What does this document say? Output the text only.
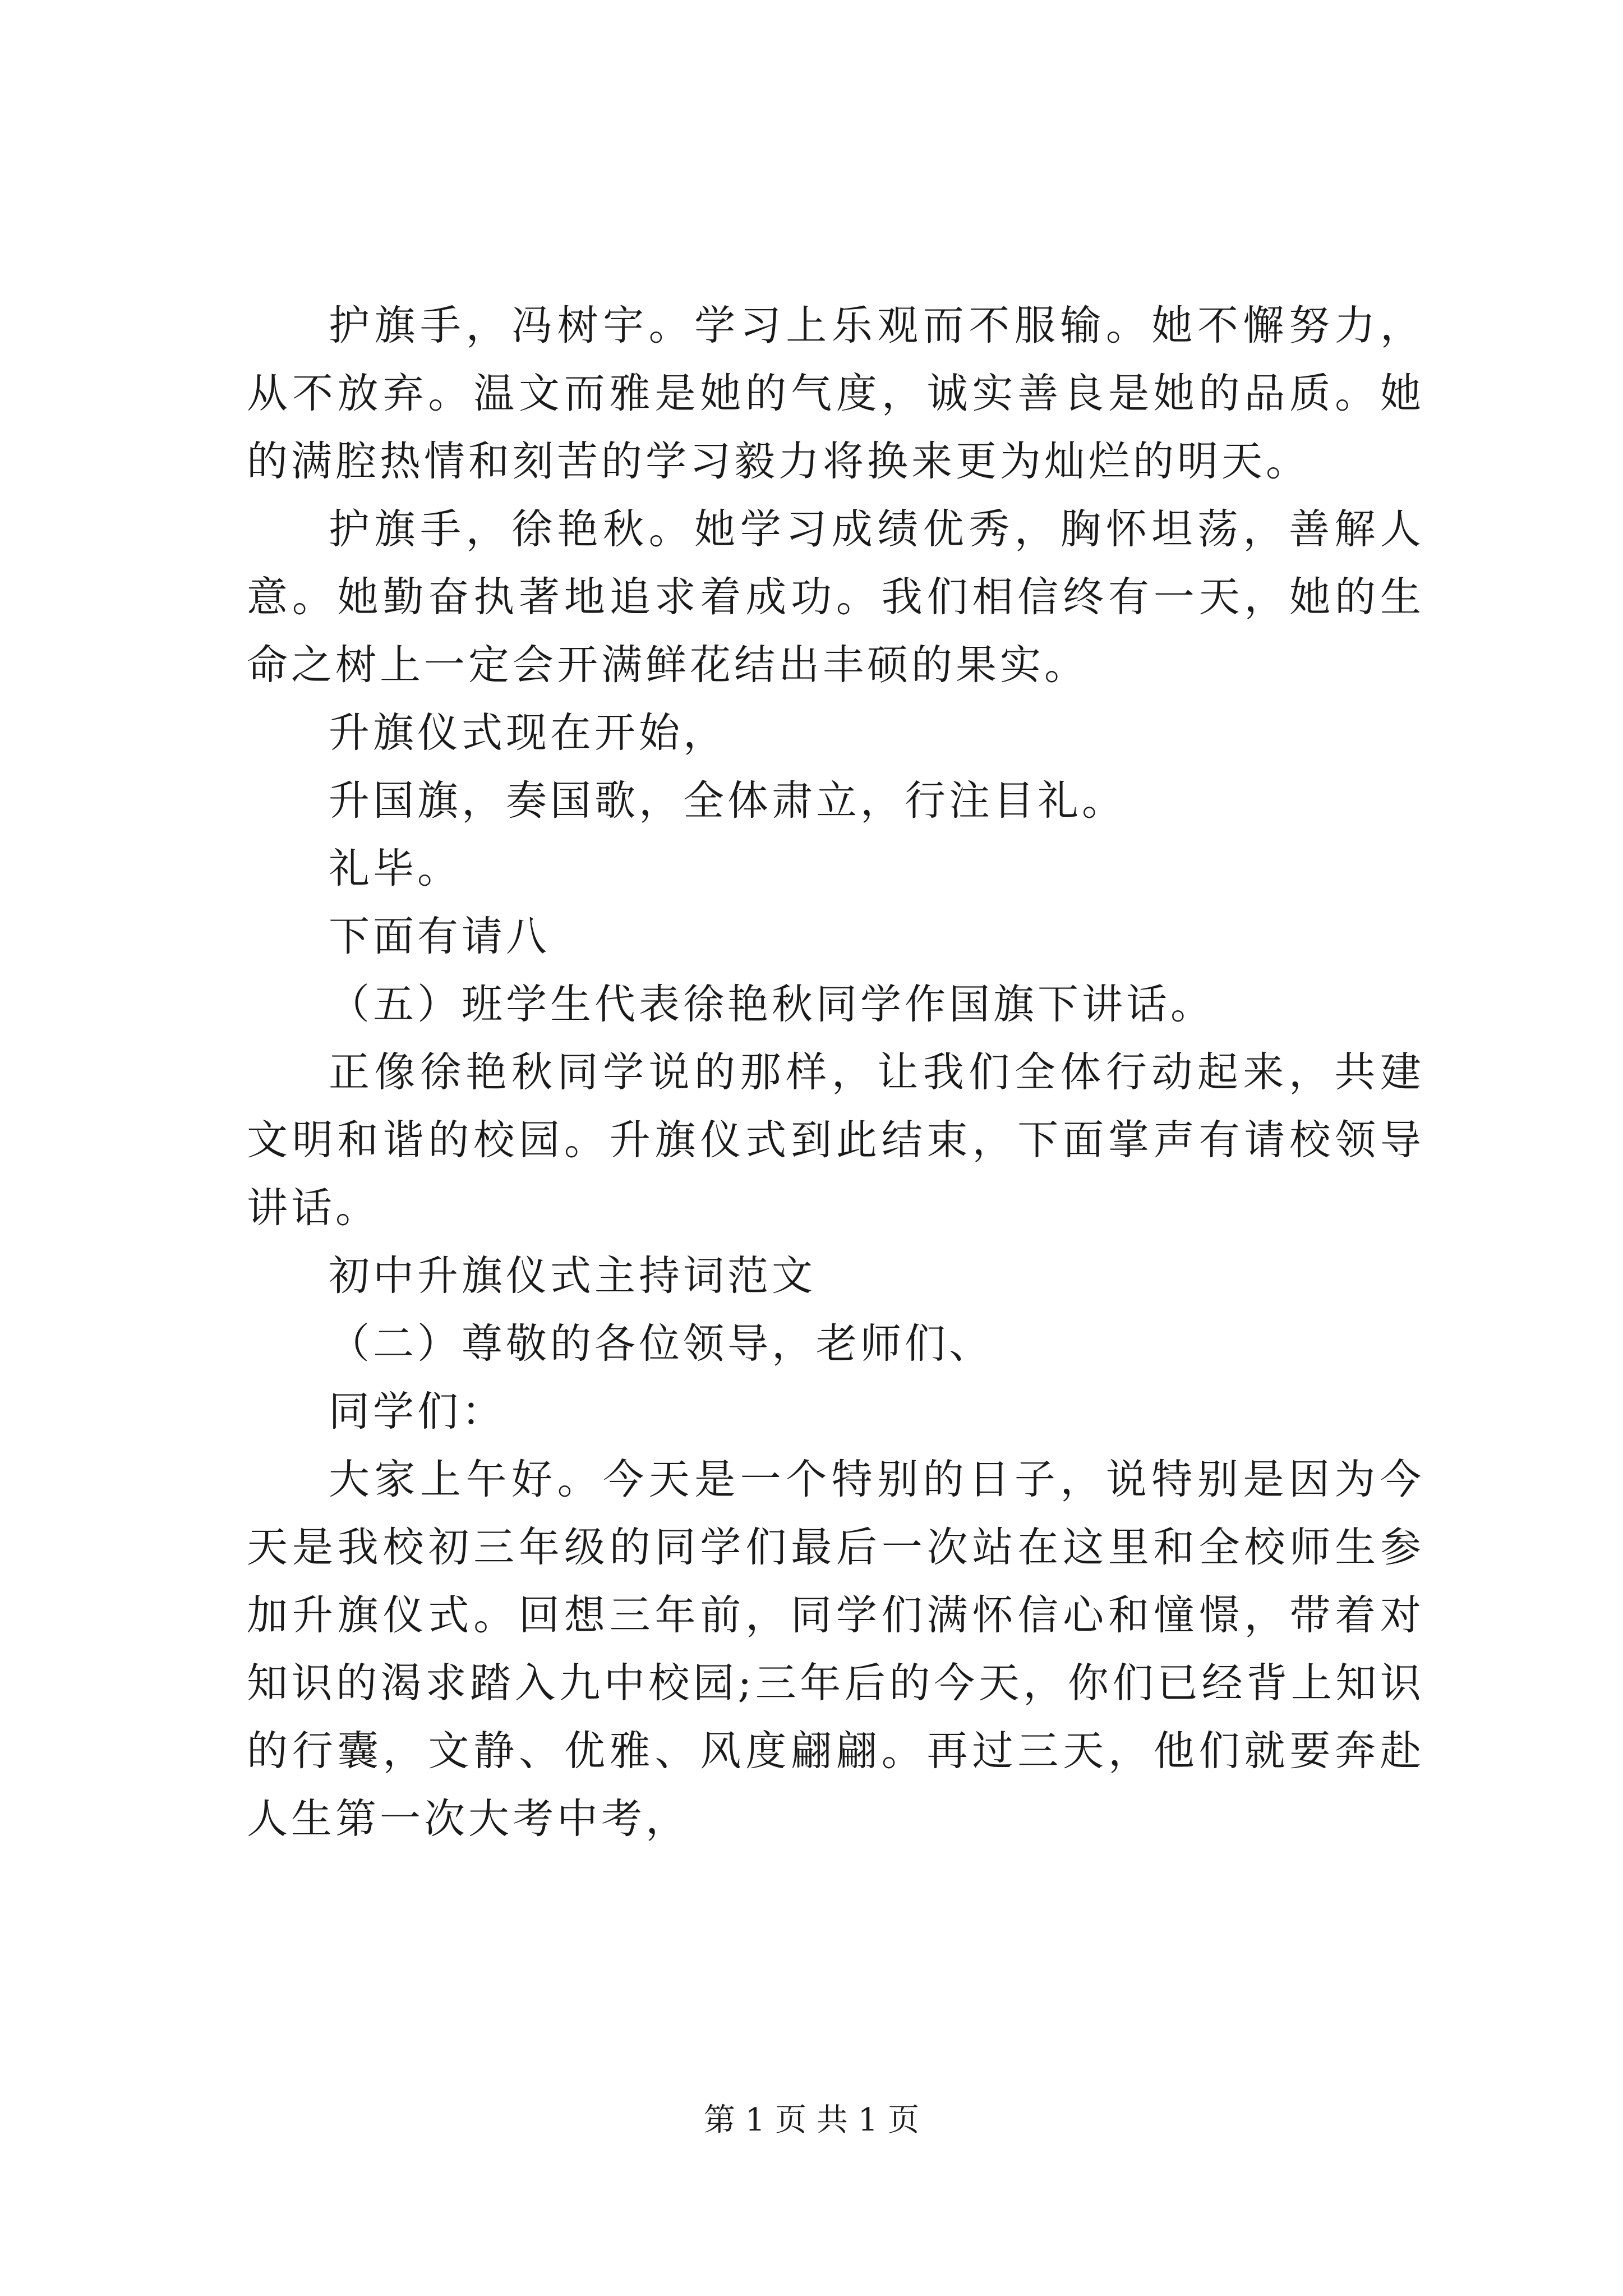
护旗手，冯树宇。学习上乐观而不服输。她不懈努力，从不放弃。温文而雅是她的气度，诚实善良是她的品质。她的满腔热情和刻苦的学习毅力将换来更为灿烂的明天。

护旗手，徐艳秋。她学习成绩优秀，胸怀坦荡，善解人意。她勤奋执著地追求着成功。我们相信终有一天，她的生命之树上一定会开满鲜花结出丰硕的果实。

升旗仪式现在开始，

升国旗，奏国歌，全体肃立，行注目礼。

礼毕。

下面有请八

（五）班学生代表徐艳秋同学作国旗下讲话。

正像徐艳秋同学说的那样，让我们全体行动起来，共建文明和谐的校园。升旗仪式到此结束，下面掌声有请校领导讲话。

初中升旗仪式主持词范文

（二）尊敬的各位领导，老师们、

同学们：

大家上午好。今天是一个特别的日子，说特别是因为今天是我校初三年级的同学们最后一次站在这里和全校师生参加升旗仪式。回想三年前，同学们满怀信心和憧憬，带着对知识的渴求踏入九中校园;三年后的今天，你们已经背上知识的行囊，文静、优雅、风度翩翩。再过三天，他们就要奔赴人生第一次大考中考，

第 1 页 共 1 页
